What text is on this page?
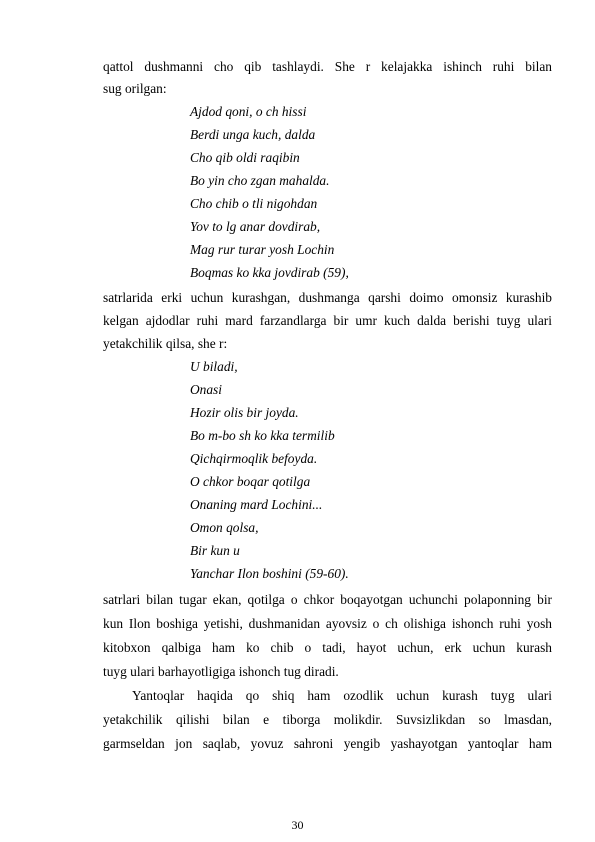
qattol dushmanni cho qib tashlaydi. She r kelajakka ishinch ruhi bilan
sug orilgan:
Ajdod qoni, o ch hissi
Berdi unga kuch, dalda
Cho qib oldi raqibin
Bo yin cho zgan mahalda.
Cho chib o tli nigohdan
Yov to lg anar dovdirab,
Mag rur turar yosh Lochin
Boqmas ko kka jovdirab (59),
satrlarida erki uchun kurashgan, dushmanga qarshi doimo omonsiz kurashib
kelgan ajdodlar ruhi mard farzandlarga bir umr kuch dalda berishi tuyg ulari
yetakchilik qilsa, she r:
U biladi,
Onasi
Hozir olis bir joyda.
Bo m-bo sh ko kka termilib
Qichqirmoqlik befoyda.
O chkor boqar qotilga
Onaning mard Lochini...
Omon qolsa,
Bir kun u
Yanchar Ilon boshini (59-60).
satrlari bilan tugar ekan, qotilga o chkor boqayotgan uchunchi polaponning bir
kun Ilon boshiga yetishi, dushmanidan ayovsiz o ch olishiga ishonch ruhi yosh
kitobxon qalbiga ham ko chib o tadi, hayot uchun, erk uchun kurash
tuyg ulari barhayotligiga ishonch tug diradi.
Yantoqlar haqida qo shiq ham ozodlik uchun kurash tuyg ulari
yetakchilik qilishi bilan e tiborga molikdir. Suvsizlikdan so lmasdan,
garmseldan jon saqlab, yovuz sahroni yengib yashayotgan yantoqlar ham
30
